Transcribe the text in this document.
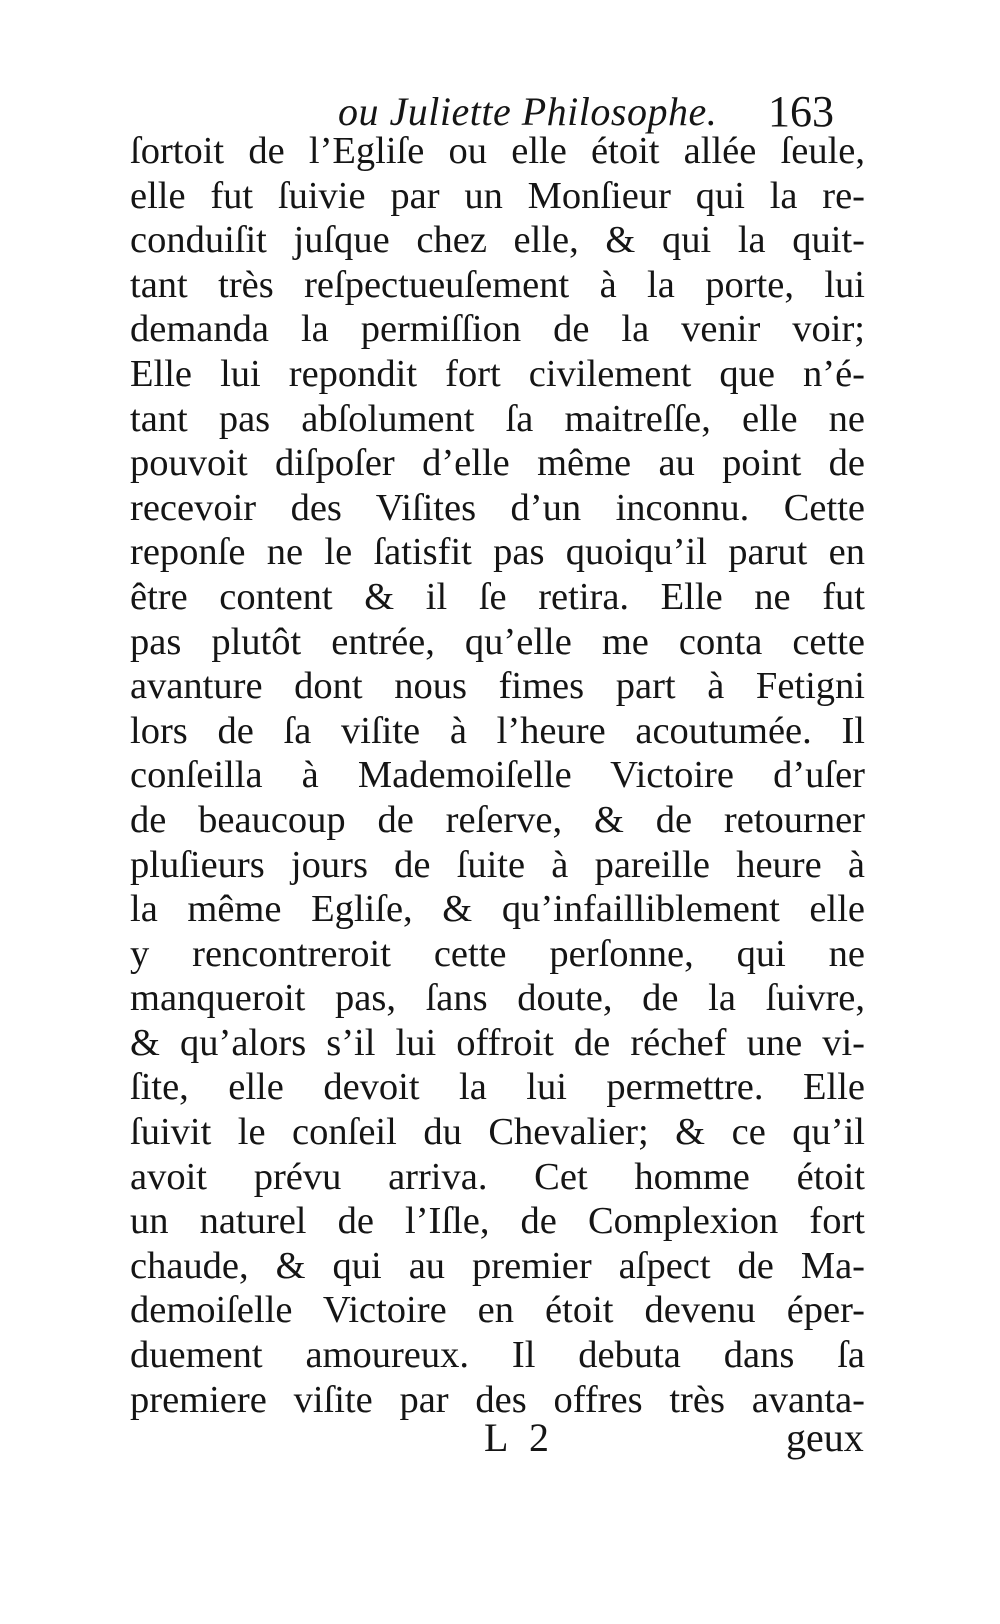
ou Juliette Philosophe. 163
ſortoit de l’Egliſe ou elle étoit allée ſeule,
elle fut ſuivie par un Monſieur qui la re-
conduiſit juſque chez elle, & qui la quit-
tant très reſpectueuſement à la porte, lui
demanda la permiſſion de la venir voir;
Elle lui repondit fort civilement que n’é-
tant pas abſolument ſa maitreſſe, elle ne
pouvoit diſpoſer d’elle même au point de
recevoir des Viſites d’un inconnu. Cette
reponſe ne le ſatisfit pas quoiqu’il parut en
être content & il ſe retira. Elle ne fut
pas plutôt entrée, qu’elle me conta cette
avanture dont nous fimes part à Fetigni
lors de ſa viſite à l’heure acoutumée. Il
conſeilla à Mademoiſelle Victoire d’uſer
de beaucoup de reſerve, & de retourner
pluſieurs jours de ſuite à pareille heure à
la même Egliſe, & qu’infailliblement elle
y rencontreroit cette perſonne, qui ne
manqueroit pas, ſans doute, de la ſuivre,
& qu’alors s’il lui offroit de réchef une vi-
ſite, elle devoit la lui permettre. Elle
ſuivit le conſeil du Chevalier; & ce qu’il
avoit prévu arriva. Cet homme étoit
un naturel de l’Iſle, de Complexion fort
chaude, & qui au premier aſpect de Ma-
demoiſelle Victoire en étoit devenu éper-
duement amoureux. Il debuta dans ſa
premiere viſite par des offres très avanta-
L 2	geux
